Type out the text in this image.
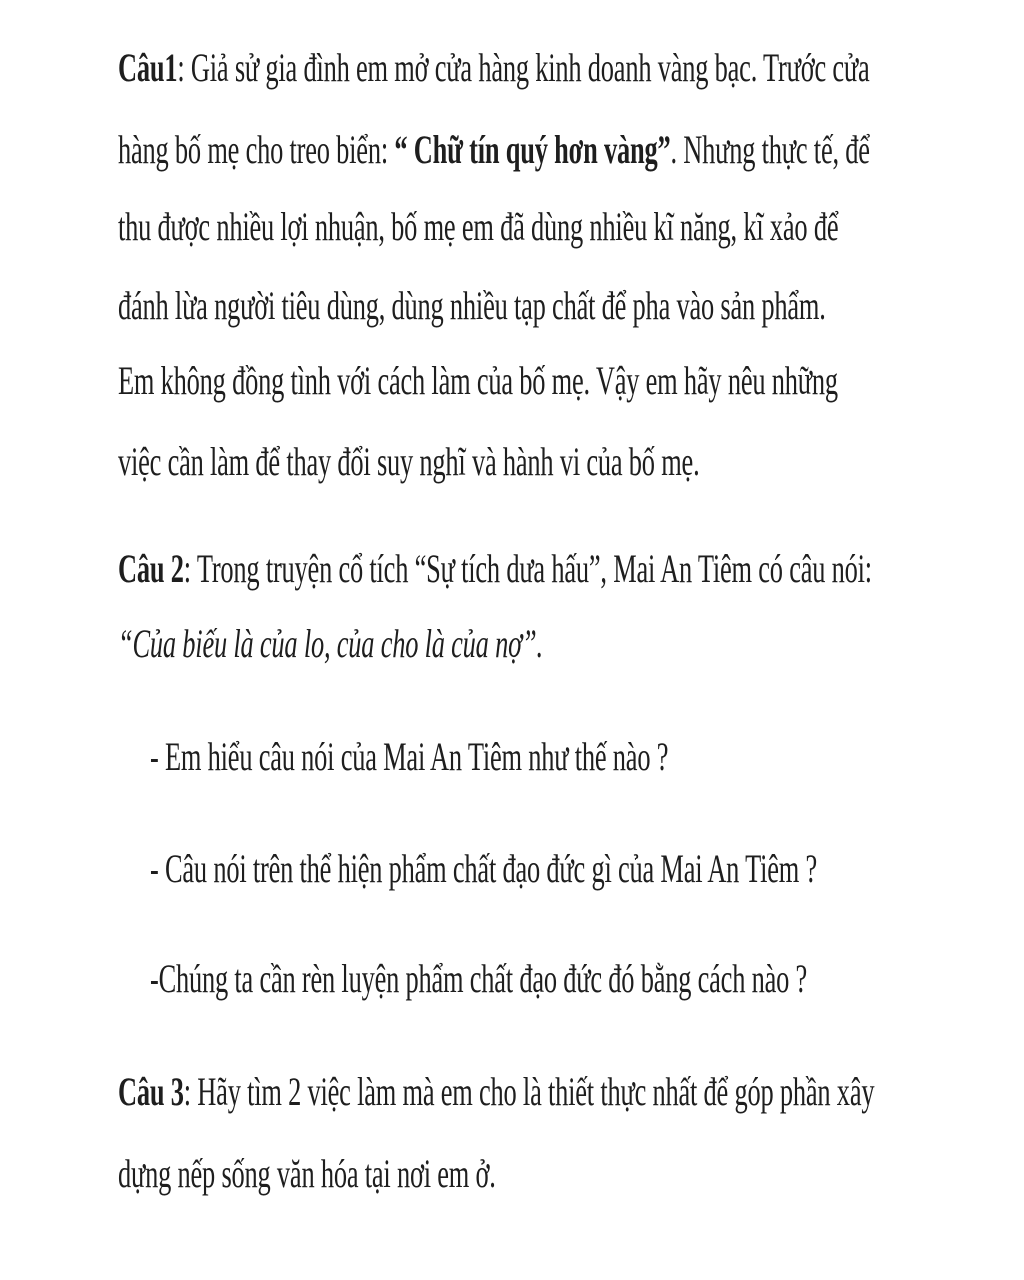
Câu1: Giả sử gia đình em mở cửa hàng kinh doanh vàng bạc. Trước cửa
hàng bố mẹ cho treo biển: “ Chữ tín quý hơn vàng”. Nhưng thực tế, để
thu được nhiều lợi nhuận, bố mẹ em đã dùng nhiều kĩ năng, kĩ xảo để
đánh lừa người tiêu dùng, dùng nhiều tạp chất để pha vào sản phẩm.
Em không đồng tình với cách làm của bố mẹ. Vậy em hãy nêu những
việc cần làm để thay đổi suy nghĩ và hành vi của bố mẹ.
Câu 2: Trong truyện cổ tích “Sự tích dưa hấu”, Mai An Tiêm có câu nói:
“Của biếu là của lo, của cho là của nợ”.
- Em hiểu câu nói của Mai An Tiêm như thế nào ?
- Câu nói trên thể hiện phẩm chất đạo đức gì của Mai An Tiêm ?
-Chúng ta cần rèn luyện phẩm chất đạo đức đó bằng cách nào ?
Câu 3: Hãy tìm 2 việc làm mà em cho là thiết thực nhất để góp phần xây
dựng nếp sống văn hóa tại nơi em ở.
